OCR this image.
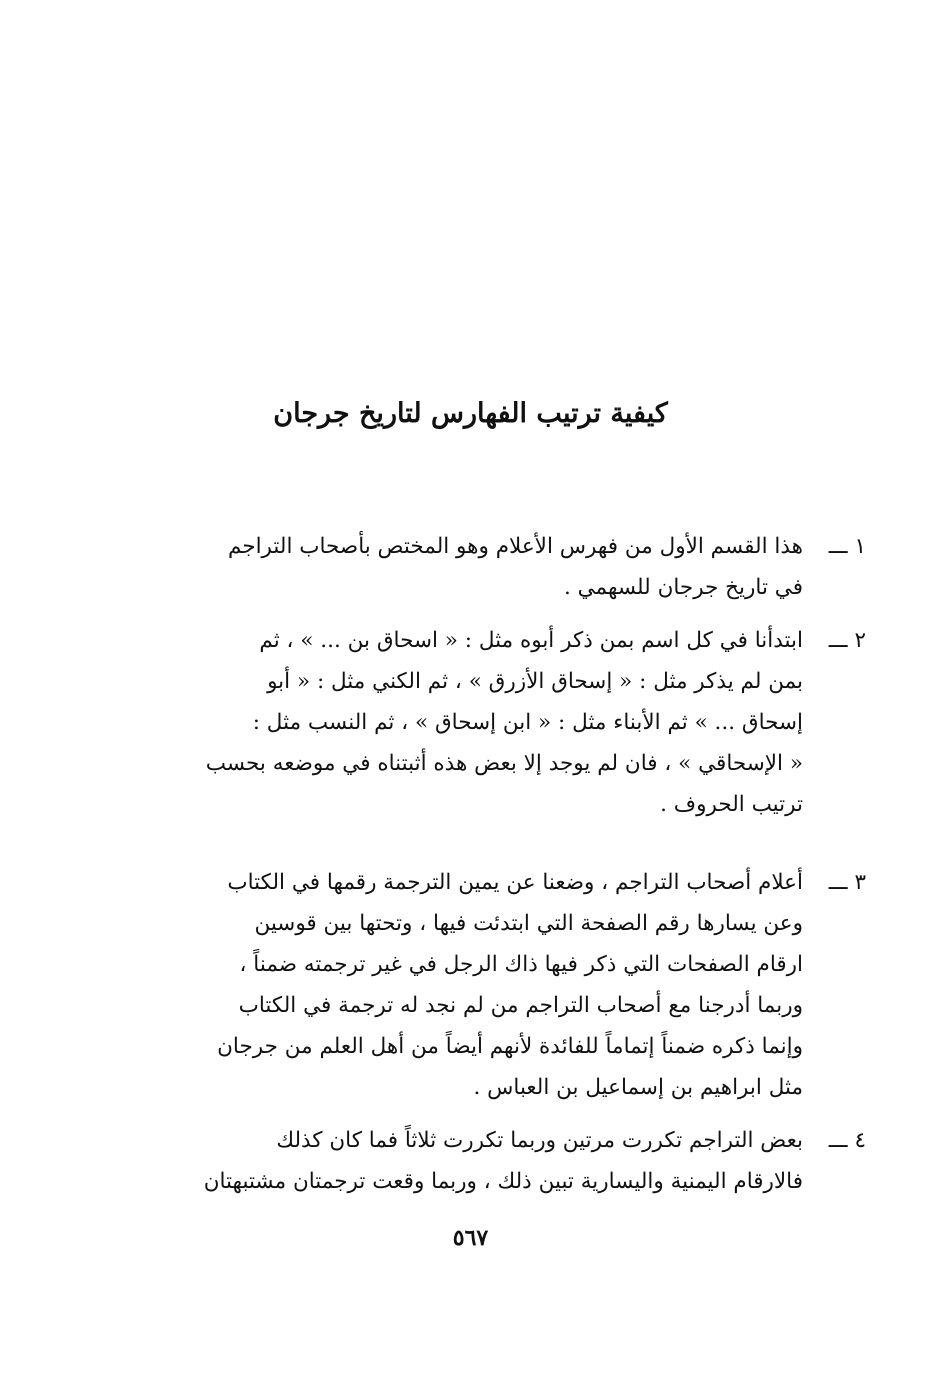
كيفية ترتيب الفهارس لتاريخ جرجان
١ ـــ
هذا القسم الأول من فهرس الأعلام وهو المختص بأصحاب التراجم
في تاريخ جرجان للسهمي .
٢ ـــ
ابتدأنا في كل اسم بمن ذكر أبوه مثل : « اسحاق بن ... » ، ثم
بمن لم يذكر مثل : « إسحاق الأزرق » ، ثم الكني مثل : « أبو
إسحاق ... » ثم الأبناء مثل : « ابن إسحاق » ، ثم النسب مثل :
« الإسحاقي » ، فان لم يوجد إلا بعض هذه أثبتناه في موضعه بحسب
ترتيب الحروف .
٣ ـــ
أعلام أصحاب التراجم ، وضعنا عن يمين الترجمة رقمها في الكتاب
وعن يسارها رقم الصفحة التي ابتدئت فيها ، وتحتها بين قوسين
ارقام الصفحات التي ذكر فيها ذاك الرجل في غير ترجمته ضمناً ،
وربما أدرجنا مع أصحاب التراجم من لم نجد له ترجمة في الكتاب
وإنما ذكره ضمناً إتماماً للفائدة لأنهم أيضاً من أهل العلم من جرجان
مثل ابراهيم بن إسماعيل بن العباس .
٤ ـــ
بعض التراجم تكررت مرتين وربما تكررت ثلاثاً فما كان كذلك
فالارقام اليمنية واليسارية تبين ذلك ، وربما وقعت ترجمتان مشتبهتان
٥٦٧
